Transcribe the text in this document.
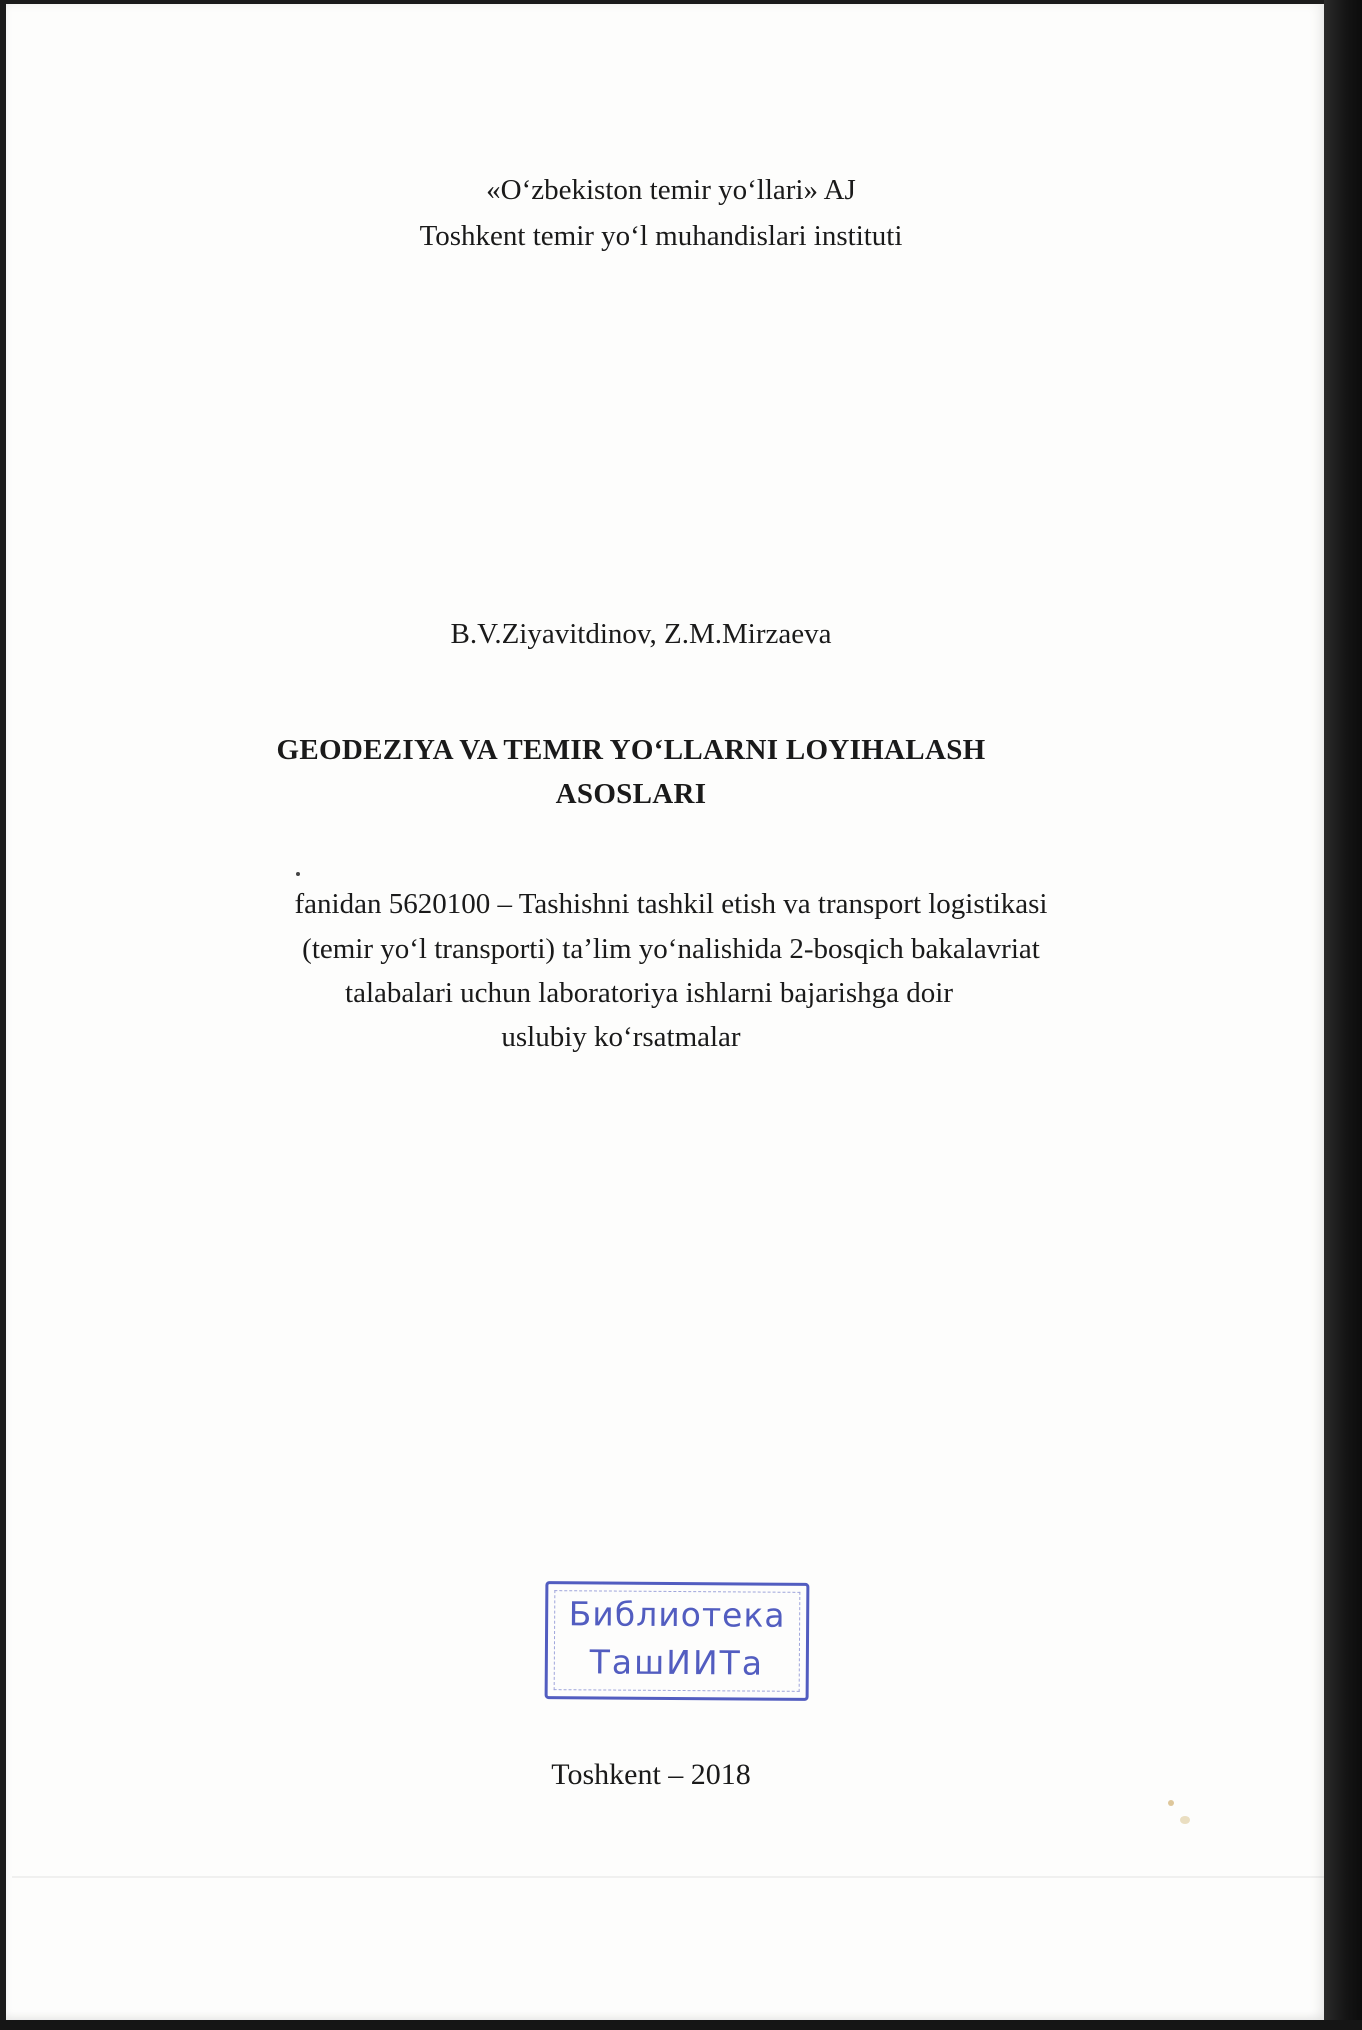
«O‘zbekiston temir yo‘llari» AJ
Toshkent temir yo‘l muhandislari instituti
B.V.Ziyavitdinov, Z.M.Mirzaeva
GEODEZIYA VA TEMIR YO‘LLARNI LOYIHALASH
ASOSLARI
fanidan 5620100 – Tashishni tashkil etish va transport logistikasi
(temir yo‘l transporti) ta’lim yo‘nalishida 2-bosqich bakalavriat
talabalari uchun laboratoriya ishlarni bajarishga doir
uslubiy ko‘rsatmalar
Библиотека
ТашИИТа
Toshkent – 2018
